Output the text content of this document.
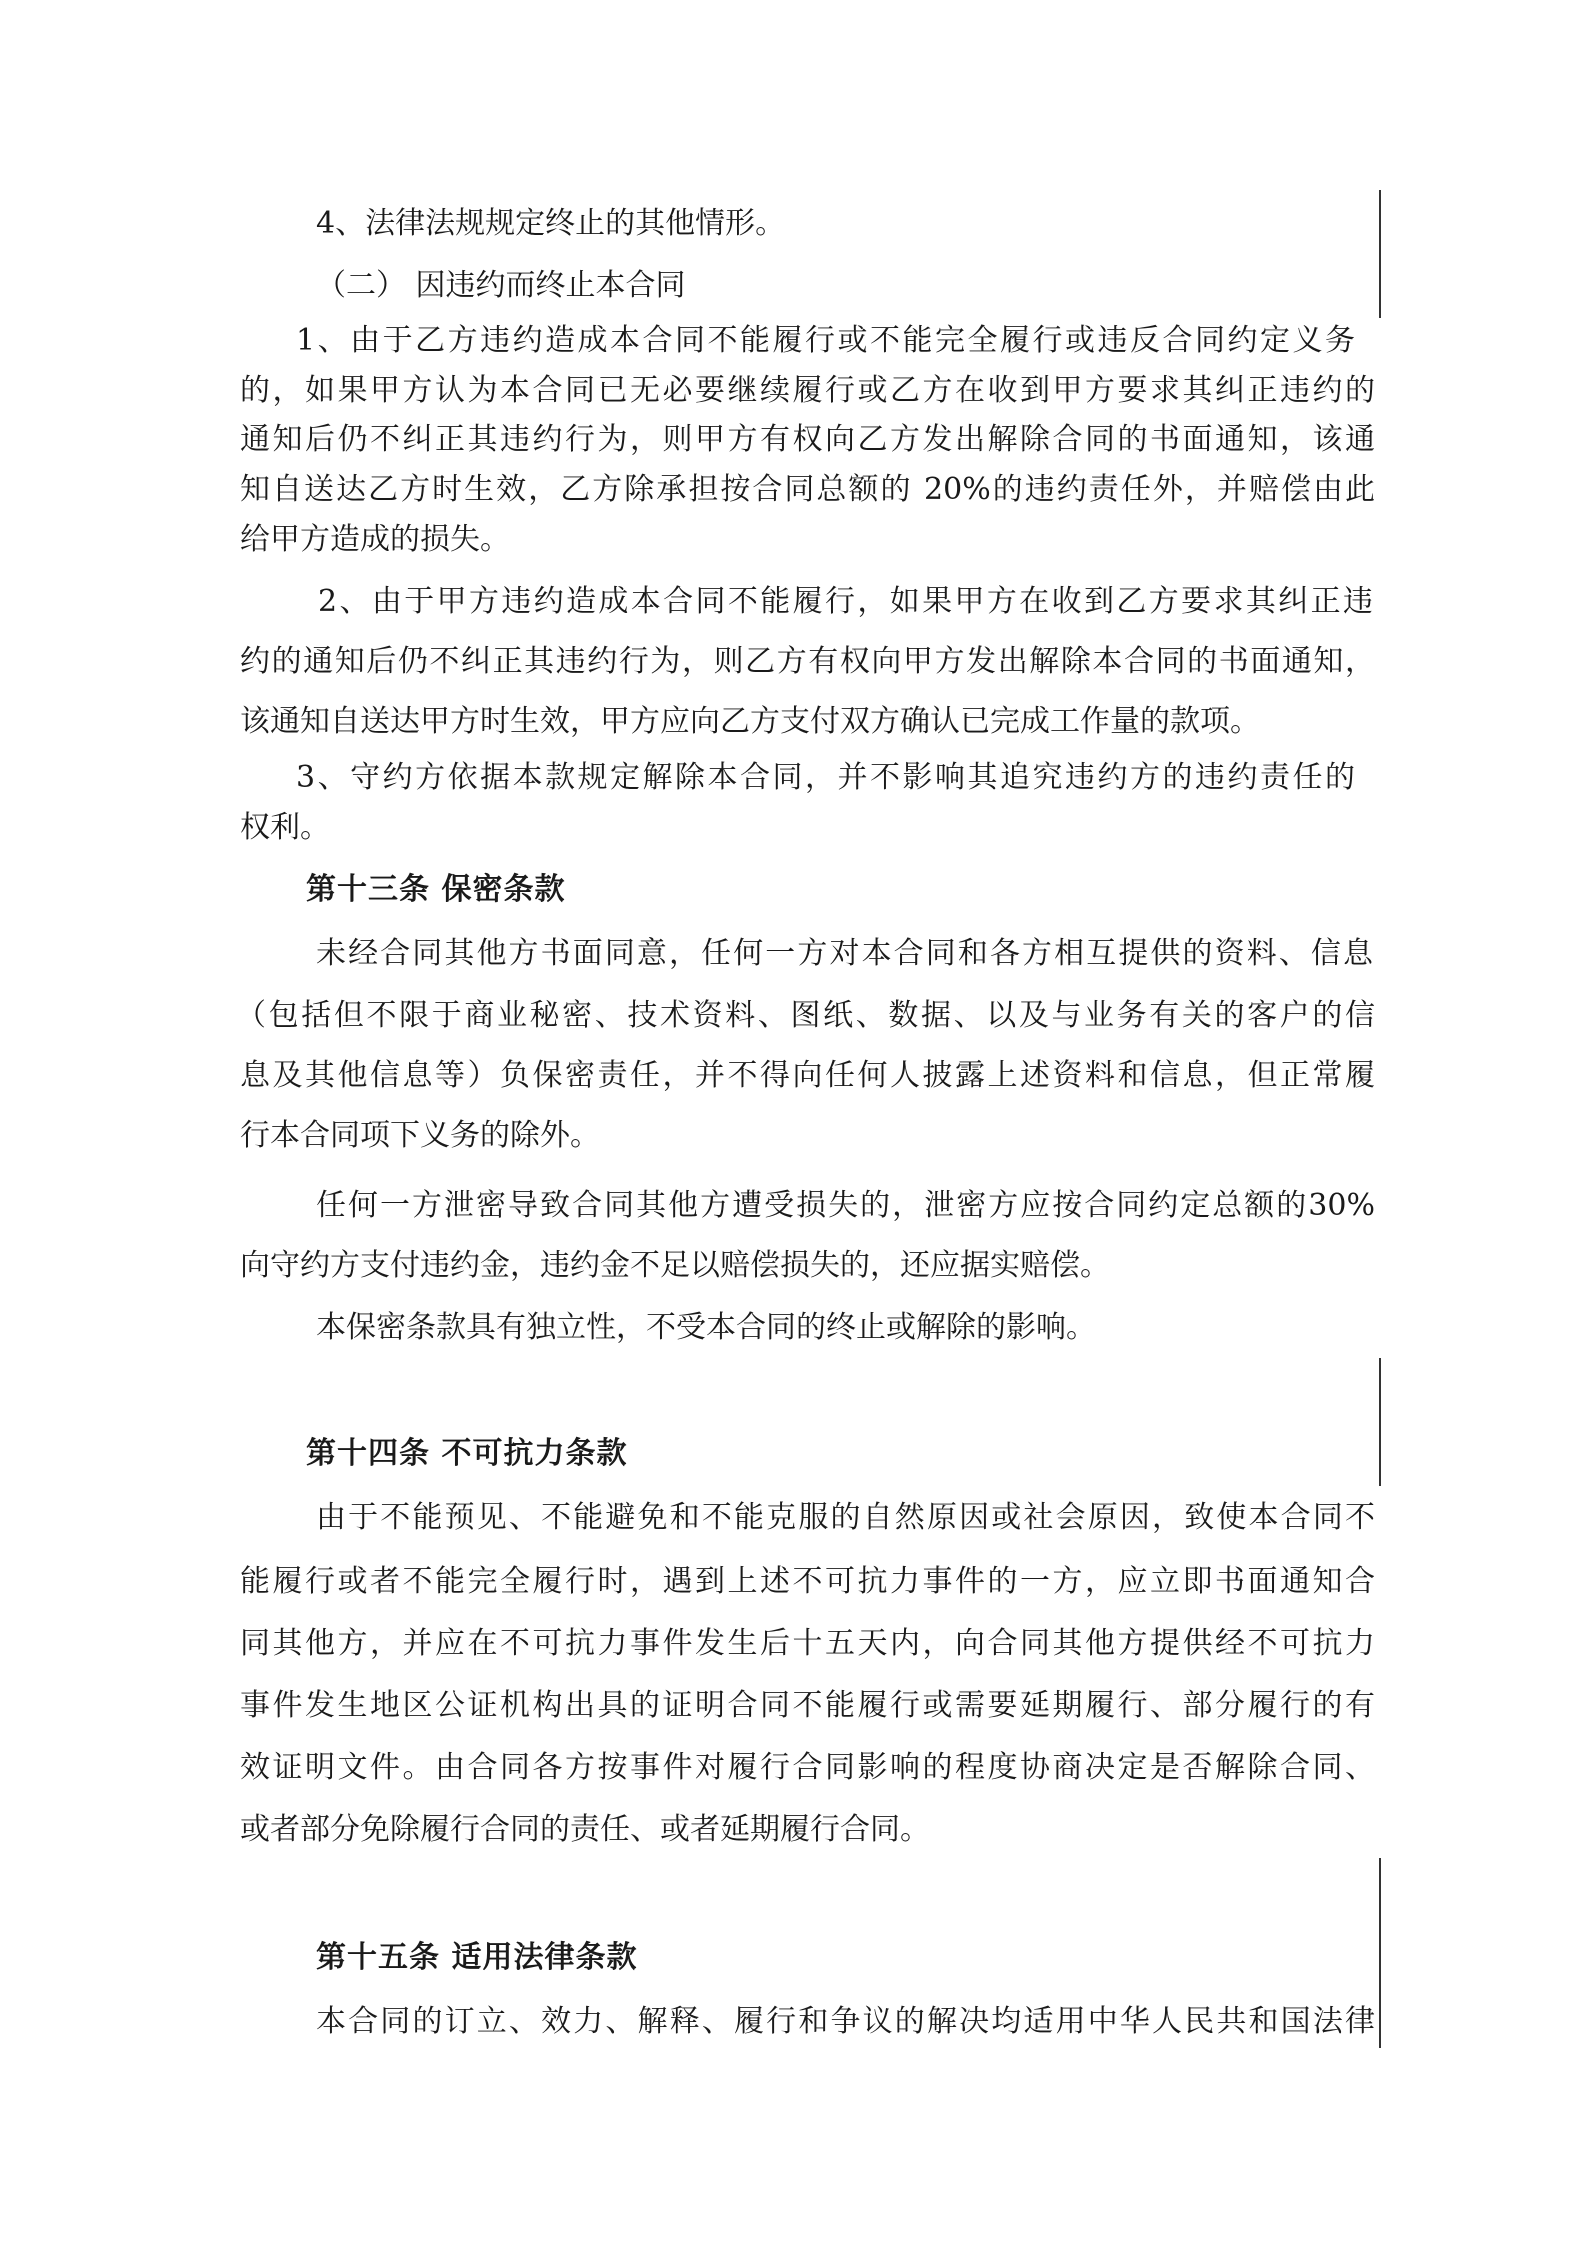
4、法律法规规定终止的其他情形。
（二） 因违约而终止本合同
1、由于乙方违约造成本合同不能履行或不能完全履行或违反合同约定义务
的，如果甲方认为本合同已无必要继续履行或乙方在收到甲方要求其纠正违约的
通知后仍不纠正其违约行为，则甲方有权向乙方发出解除合同的书面通知，该通
知自送达乙方时生效，乙方除承担按合同总额的 20%的违约责任外，并赔偿由此
给甲方造成的损失。
2、由于甲方违约造成本合同不能履行，如果甲方在收到乙方要求其纠正违
约的通知后仍不纠正其违约行为，则乙方有权向甲方发出解除本合同的书面通知，
该通知自送达甲方时生效，甲方应向乙方支付双方确认已完成工作量的款项。
3、守约方依据本款规定解除本合同，并不影响其追究违约方的违约责任的
权利。
第十三条 保密条款
未经合同其他方书面同意，任何一方对本合同和各方相互提供的资料、信息
（包括但不限于商业秘密、技术资料、图纸、数据、以及与业务有关的客户的信
息及其他信息等）负保密责任，并不得向任何人披露上述资料和信息，但正常履
行本合同项下义务的除外。
任何一方泄密导致合同其他方遭受损失的，泄密方应按合同约定总额的30%
向守约方支付违约金，违约金不足以赔偿损失的，还应据实赔偿。
本保密条款具有独立性，不受本合同的终止或解除的影响。
第十四条 不可抗力条款
由于不能预见、不能避免和不能克服的自然原因或社会原因，致使本合同不
能履行或者不能完全履行时，遇到上述不可抗力事件的一方，应立即书面通知合
同其他方，并应在不可抗力事件发生后十五天内，向合同其他方提供经不可抗力
事件发生地区公证机构出具的证明合同不能履行或需要延期履行、部分履行的有
效证明文件。由合同各方按事件对履行合同影响的程度协商决定是否解除合同、
或者部分免除履行合同的责任、或者延期履行合同。
第十五条 适用法律条款
本合同的订立、效力、解释、履行和争议的解决均适用中华人民共和国法律
